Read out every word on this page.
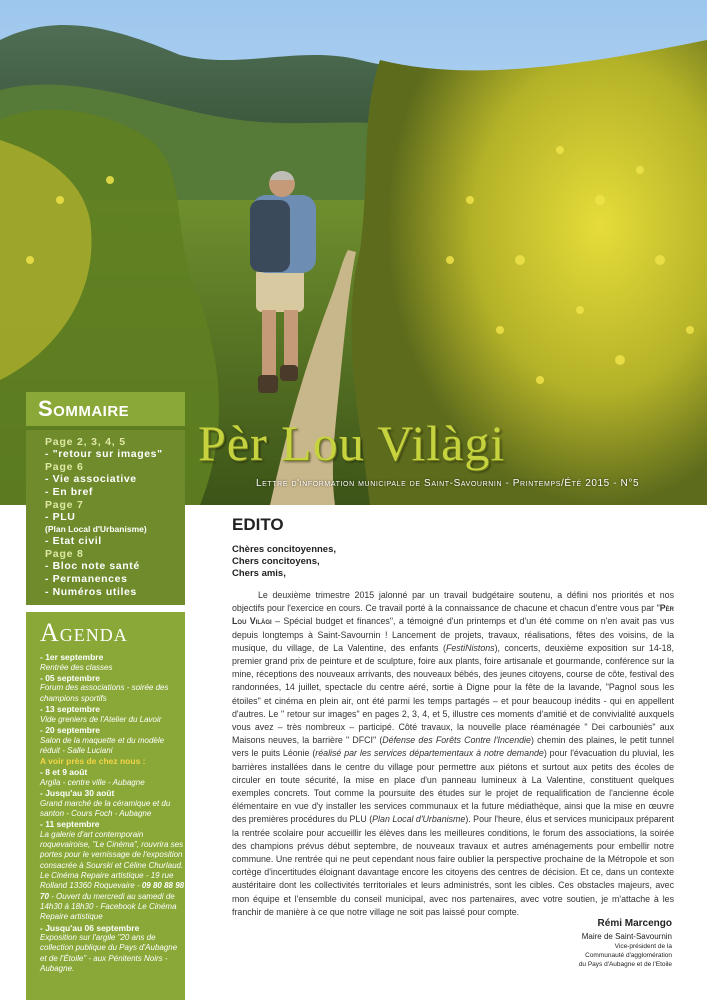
Pèr Lou Vilàgi
Lettre d'information municipale de Saint-Savournin - Printemps/Été 2015 - N°5
Sommaire
Page 2, 3, 4, 5
- "retour sur images"
Page 6
- Vie associative
- En bref
Page 7
- PLU
(Plan Local d'Urbanisme)
- Etat civil
Page 8
- Bloc note santé
- Permanences
- Numéros utiles
Agenda
- 1er septembre
Rentrée des classes
- 05 septembre
Forum des associations - soirée des champions sportifs
- 13 septembre
Vide greniers de l'Atelier du Lavoir
- 20 septembre
Salon de la maquette et du modèle réduit - Salle Luciani
A voir près de chez nous :
- 8 et 9 août
Argila - centre ville - Aubagne
- Jusqu'au 30 août
Grand marché de la céramique et du santon - Cours Foch - Aubagne
- 11 septembre
La galerie d'art contemporain roquevairoise, "Le Cinéma", rouvrira ses portes pour le vernissage de l'exposition consacrée à Sourski et Céline Churlaud. Le Cinéma Repaire artistique - 19 rue Rolland 13360 Roquevaire - 09 80 88 98 70 - Ouvert du mercredi au samedi de 14h30 à 18h30 - Facebook Le Cinéma Repaire artistique
- Jusqu'au 06 septembre
Exposition sur l'argile "20 ans de collection publique du Pays d'Aubagne et de l'Étoile" - aux Pénitents Noirs - Aubagne.
EDITO
Chères concitoyennes,
Chers concitoyens,
Chers amis,
Le deuxième trimestre 2015 jalonné par un travail budgétaire soutenu, a défini nos priorités et nos objectifs pour l'exercice en cours. Ce travail porté à la connaissance de chacune et chacun d'entre vous par "Pèr Lou Vilàgi – Spécial budget et finances", a témoigné d'un printemps et d'un été comme on n'en avait pas vus depuis longtemps à Saint-Savournin ! Lancement de projets, travaux, réalisations, fêtes des voisins, de la musique, du village, de La Valentine, des enfants (FestiNistons), concerts, deuxième exposition sur 14-18, premier grand prix de peinture et de sculpture, foire aux plants, foire artisanale et gourmande, conférence sur la mine, réceptions des nouveaux arrivants, des nouveaux bébés, des jeunes citoyens, course de côte, festival des randonnées, 14 juillet, spectacle du centre aéré, sortie à Digne pour la fête de la lavande, "Pagnol sous les étoiles" et cinéma en plein air, ont été parmi les temps partagés – et pour beaucoup inédits - qui en appellent d'autres. Le " retour sur images" en pages 2, 3, 4, et 5, illustre ces moments d'amitié et de convivialité auxquels vous avez – très nombreux – participé. Côté travaux, la nouvelle place réaménagée " Dei carbouniès" aux Maisons neuves, la barrière " DFCI" (Défense des Forêts Contre l'Incendie) chemin des plaines, le petit tunnel vers le puits Léonie (réalisé par les services départementaux à notre demande) pour l'évacuation du pluvial, les barrières installées dans le centre du village pour permettre aux piétons et surtout aux petits des écoles de circuler en toute sécurité, la mise en place d'un panneau lumineux à La Valentine, constituent quelques exemples concrets. Tout comme la poursuite des études sur le projet de requalification de l'ancienne école élémentaire en vue d'y installer les services communaux et la future médiathèque, ainsi que la mise en œuvre des premières procédures du PLU (Plan Local d'Urbanisme). Pour l'heure, élus et services municipaux préparent la rentrée scolaire pour accueillir les élèves dans les meilleures conditions, le forum des associations, la soirée des champions prévus début septembre, de nouveaux travaux et autres aménagements pour embellir notre commune. Une rentrée qui ne peut cependant nous faire oublier la perspective prochaine de la Métropole et son cortège d'incertitudes éloignant davantage encore les citoyens des centres de décision. Et ce, dans un contexte austéritaire dont les collectivités territoriales et leurs administrés, sont les cibles. Ces obstacles majeurs, avec mon équipe et l'ensemble du conseil municipal, avec nos partenaires, avec votre soutien, je m'attache à les franchir de manière à ce que notre village ne soit pas laissé pour compte.
Rémi Marcengo
Maire de Saint-Savournin
Vice-président de la
Communauté d'agglomération
du Pays d'Aubagne et de l'Etoile
